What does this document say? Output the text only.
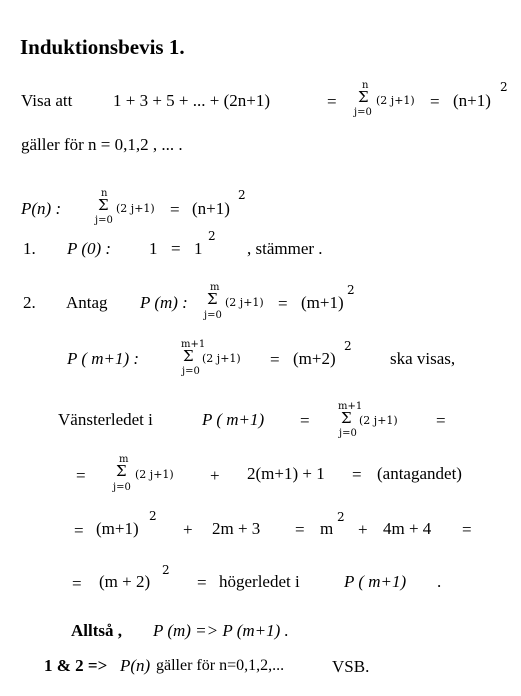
Induktionsbevis 1.
Visa att 1 + 3 + 5 + ... + (2n+1)	=
n
Σ
j=0
(2 j+1) = (n+1)
2
gäller för n = 0,1,2 , ... .
P(n) :
n
Σ
j=0
(2 j+1) = (n+1)
2
1. P (0) : 1 = 1
2
, stämmer .
2. Antag P (m) :
m
Σ
j=0
(2 j+1) = (m+1)
2
P ( m+1) :
m+1
Σ
j=0
(2 j+1) = (m+2)
2
ska visas,
Vänsterledet i	P ( m+1) =
m+1
Σ
j=0
(2 j+1) =
=
m
Σ
j=0
(2 j+1) + 2(m+1) + 1 = (antagandet)
= (m+1)
2
+ 2m + 3 = m
2
+ 4m + 4 =
= (m + 2)
2
= högerledet i	P ( m+1) .
Alltså , P (m) => P (m+1) .
1 & 2 => P(n) gäller för n=0,1,2,...	VSB.
